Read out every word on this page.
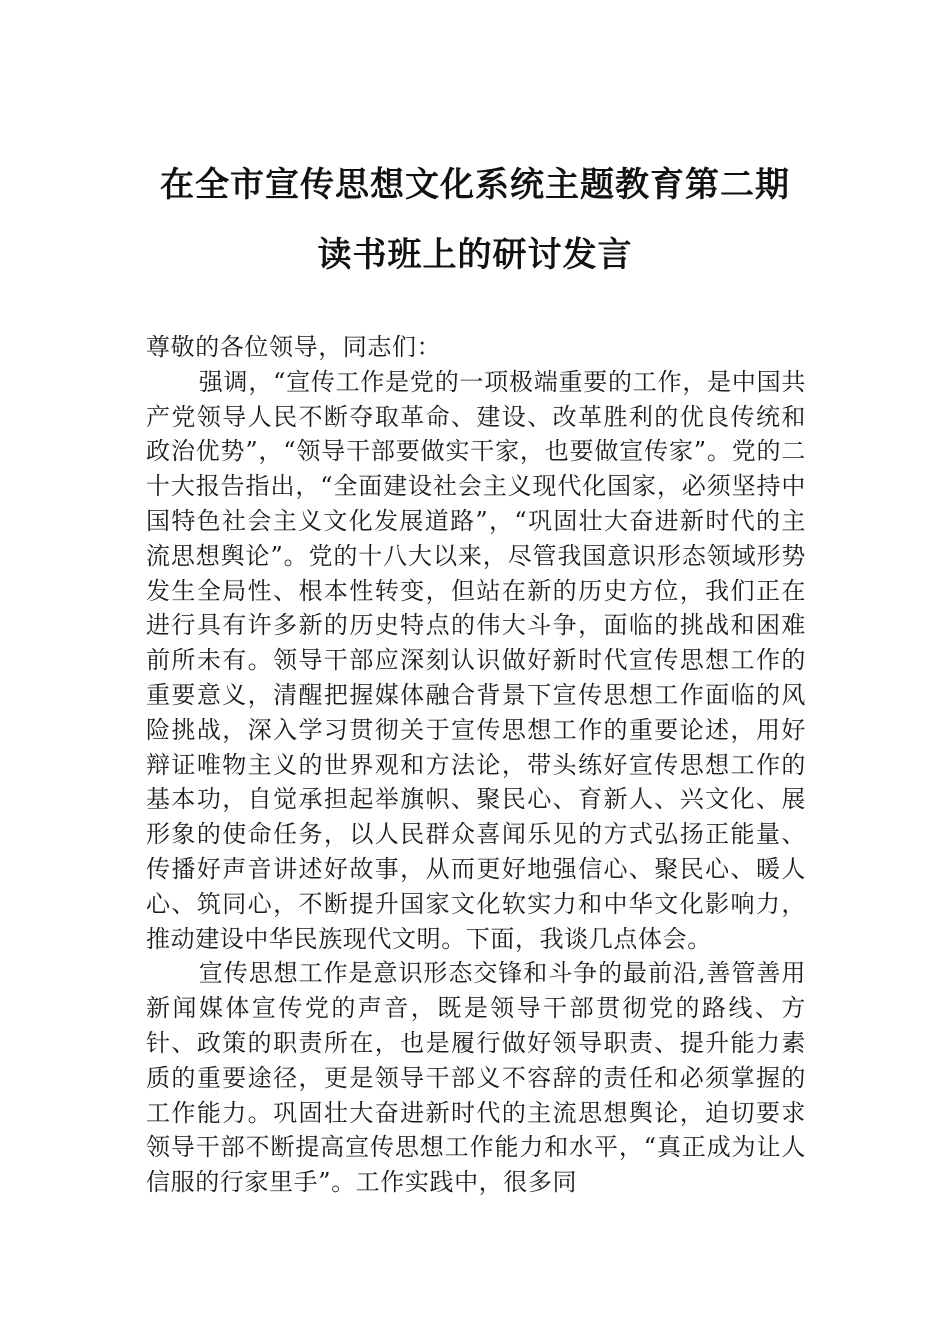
在全市宣传思想文化系统主题教育第二期
读书班上的研讨发言

尊敬的各位领导，同志们：

强调，“宣传工作是党的一项极端重要的工作，是中国共产党领导人民不断夺取革命、建设、改革胜利的优良传统和政治优势”，“领导干部要做实干家，也要做宣传家”。党的二十大报告指出，“全面建设社会主义现代化国家，必须坚持中国特色社会主义文化发展道路”，“巩固壮大奋进新时代的主流思想舆论”。党的十八大以来，尽管我国意识形态领域形势发生全局性、根本性转变，但站在新的历史方位，我们正在进行具有许多新的历史特点的伟大斗争，面临的挑战和困难前所未有。领导干部应深刻认识做好新时代宣传思想工作的重要意义，清醒把握媒体融合背景下宣传思想工作面临的风险挑战，深入学习贯彻关于宣传思想工作的重要论述，用好辩证唯物主义的世界观和方法论，带头练好宣传思想工作的基本功，自觉承担起举旗帜、聚民心、育新人、兴文化、展形象的使命任务，以人民群众喜闻乐见的方式弘扬正能量、传播好声音讲述好故事，从而更好地强信心、聚民心、暖人心、筑同心，不断提升国家文化软实力和中华文化影响力，推动建设中华民族现代文明。下面，我谈几点体会。

宣传思想工作是意识形态交锋和斗争的最前沿,善管善用新闻媒体宣传党的声音，既是领导干部贯彻党的路线、方针、政策的职责所在，也是履行做好领导职责、提升能力素质的重要途径，更是领导干部义不容辞的责任和必须掌握的工作能力。巩固壮大奋进新时代的主流思想舆论，迫切要求领导干部不断提高宣传思想工作能力和水平，“真正成为让人信服的行家里手”。工作实践中，很多同
